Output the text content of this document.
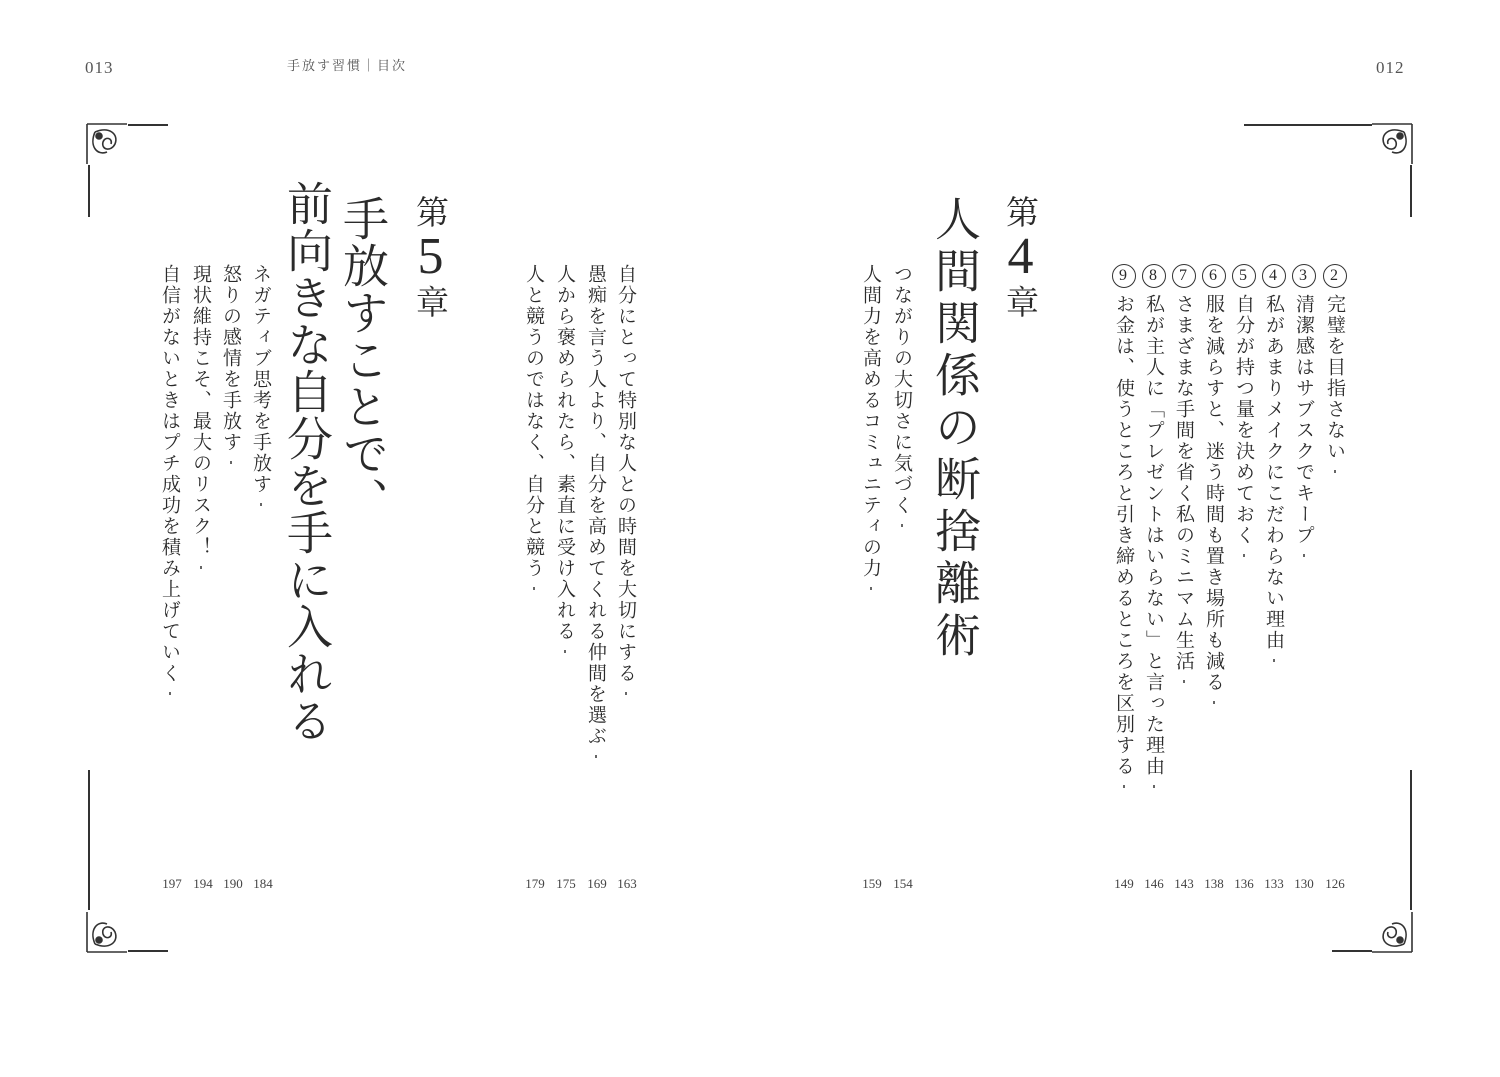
013	手放す習慣｜目次	012
2完璧を目指さない
3清潔感はサブスクでキープ
4私があまりメイクにこだわらない理由
5自分が持つ量を決めておく
6服を減らすと、迷う時間も置き場所も減る
7さまざまな手間を省く私のミニマム生活
8私が主人に「プレゼントはいらない」と言った理由
9お金は、使うところと引き締めるところを区別する
126
130
133
136
138
143
146
149
第4章
人間関係の断捨離術
つながりの大切さに気づく
人間力を高めるコミュニティの力
154
159
自分にとって特別な人との時間を大切にする
愚痴を言う人より、自分を高めてくれる仲間を選ぶ
人から褒められたら、素直に受け入れる
人と競うのではなく、自分と競う
163
169
175
179
第5章
手放すことで、
前向きな自分を手に入れる
ネガティブ思考を手放す
怒りの感情を手放す
現状維持こそ、最大のリスク！
自信がないときはプチ成功を積み上げていく
184
190
194
197
